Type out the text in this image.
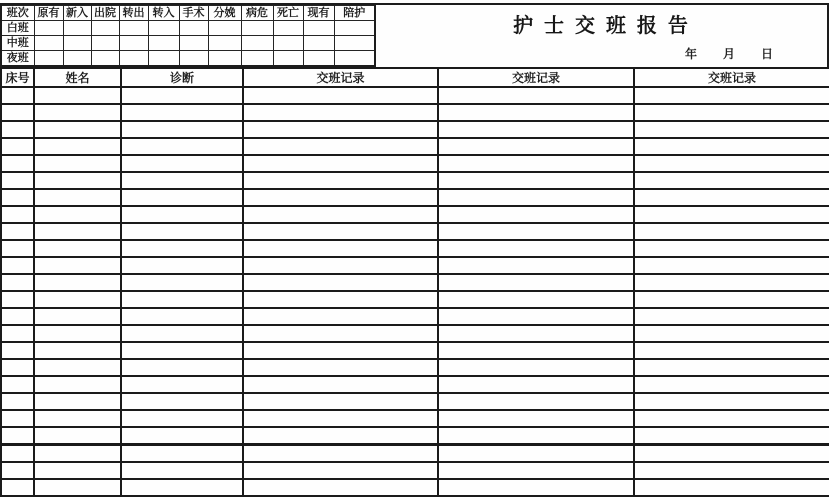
班次	原有	新入	出院	转出	转入	手术	分娩	病危	死亡	现有	陪护
白班											
中班											
夜班											
护 士 交 班 报 告
年 月 日
床号	姓名	诊断	交班记录	交班记录	交班记录
